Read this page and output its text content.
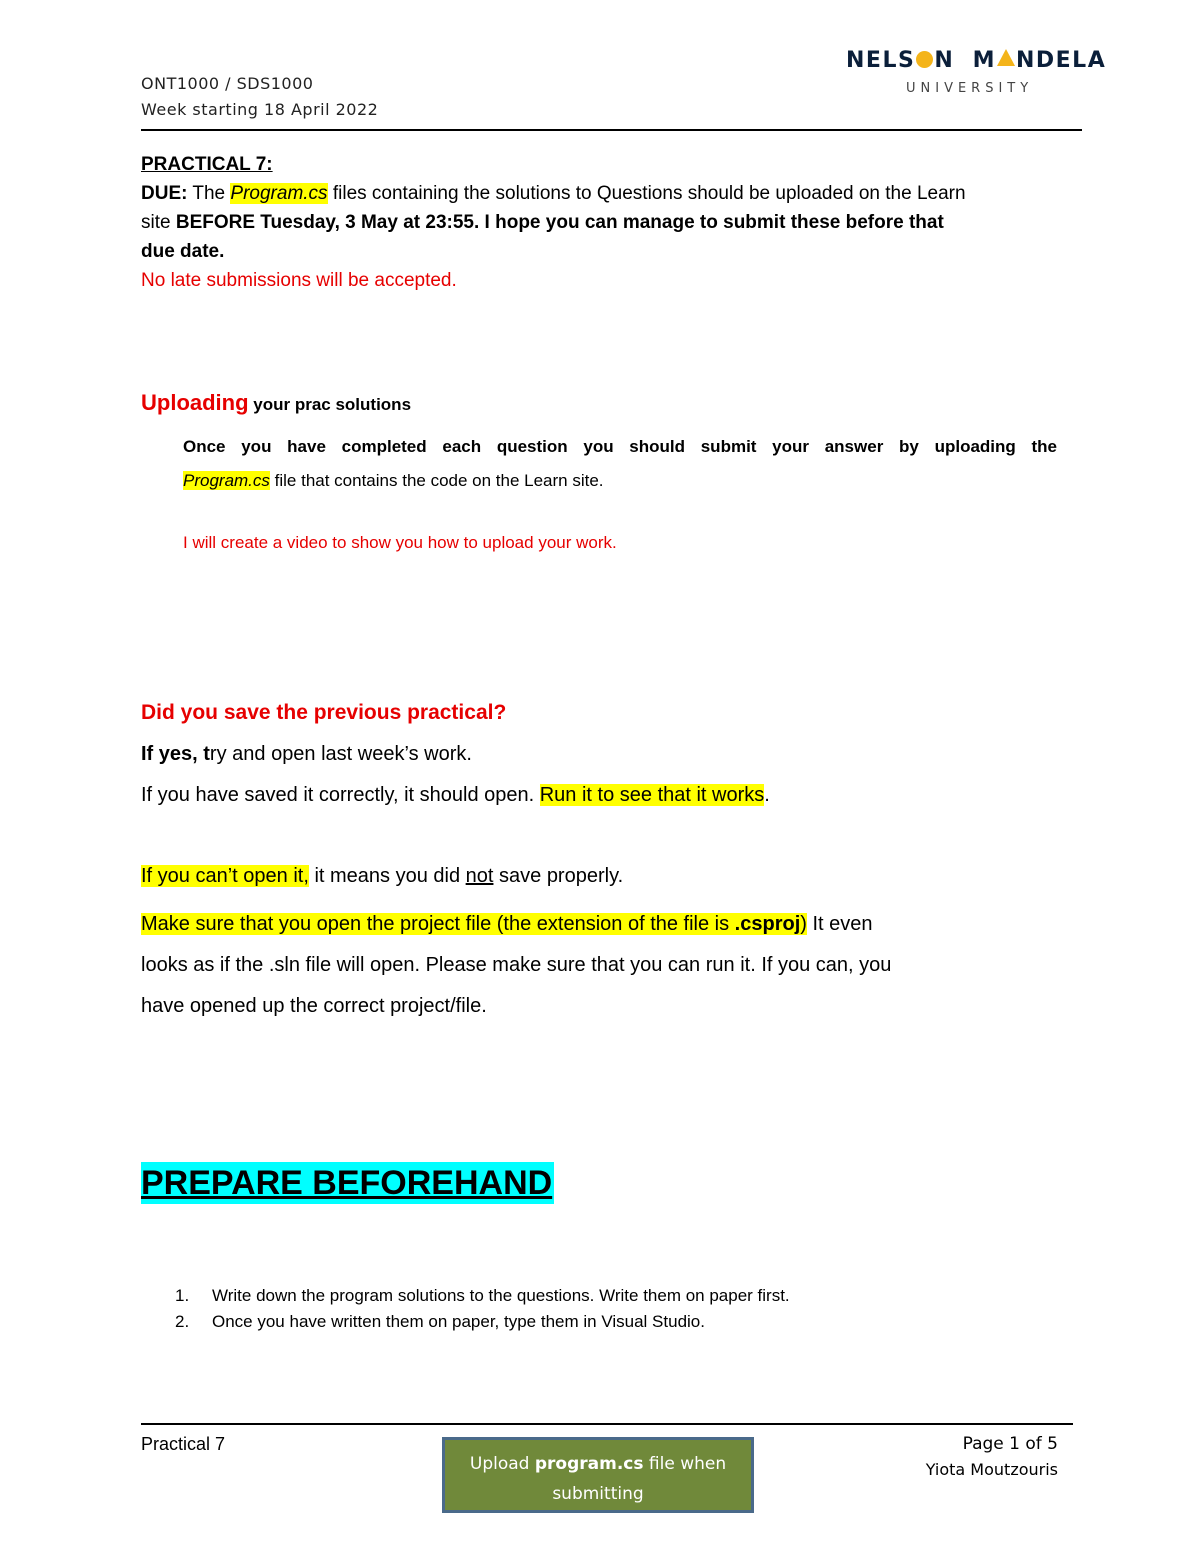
ONT1000 / SDS1000
Week starting 18 April 2022
NELS N M NDELA
UNIVERSITY
PRACTICAL 7:
DUE: The Program.cs files containing the solutions to Questions should be uploaded on the Learn
site BEFORE Tuesday, 3 May at 23:55. I hope you can manage to submit these before that
due date.
No late submissions will be accepted.
Uploading your prac solutions
Once you have completed each question you should submit your answer by uploading the
Program.cs file that contains the code on the Learn site.
I will create a video to show you how to upload your work.
Did you save the previous practical?
If yes, try and open last week’s work.
If you have saved it correctly, it should open. Run it to see that it works.
If you can’t open it, it means you did not save properly.
Make sure that you open the project file (the extension of the file is .csproj) It even
looks as if the .sln file will open. Please make sure that you can run it. If you can, you
have opened up the correct project/file.
PREPARE BEFOREHAND
1. Write down the program solutions to the questions. Write them on paper first.
2. Once you have written them on paper, type them in Visual Studio.
Practical 7	Page 1 of 5
Yiota Moutzouris
Upload program.cs file when
submitting
